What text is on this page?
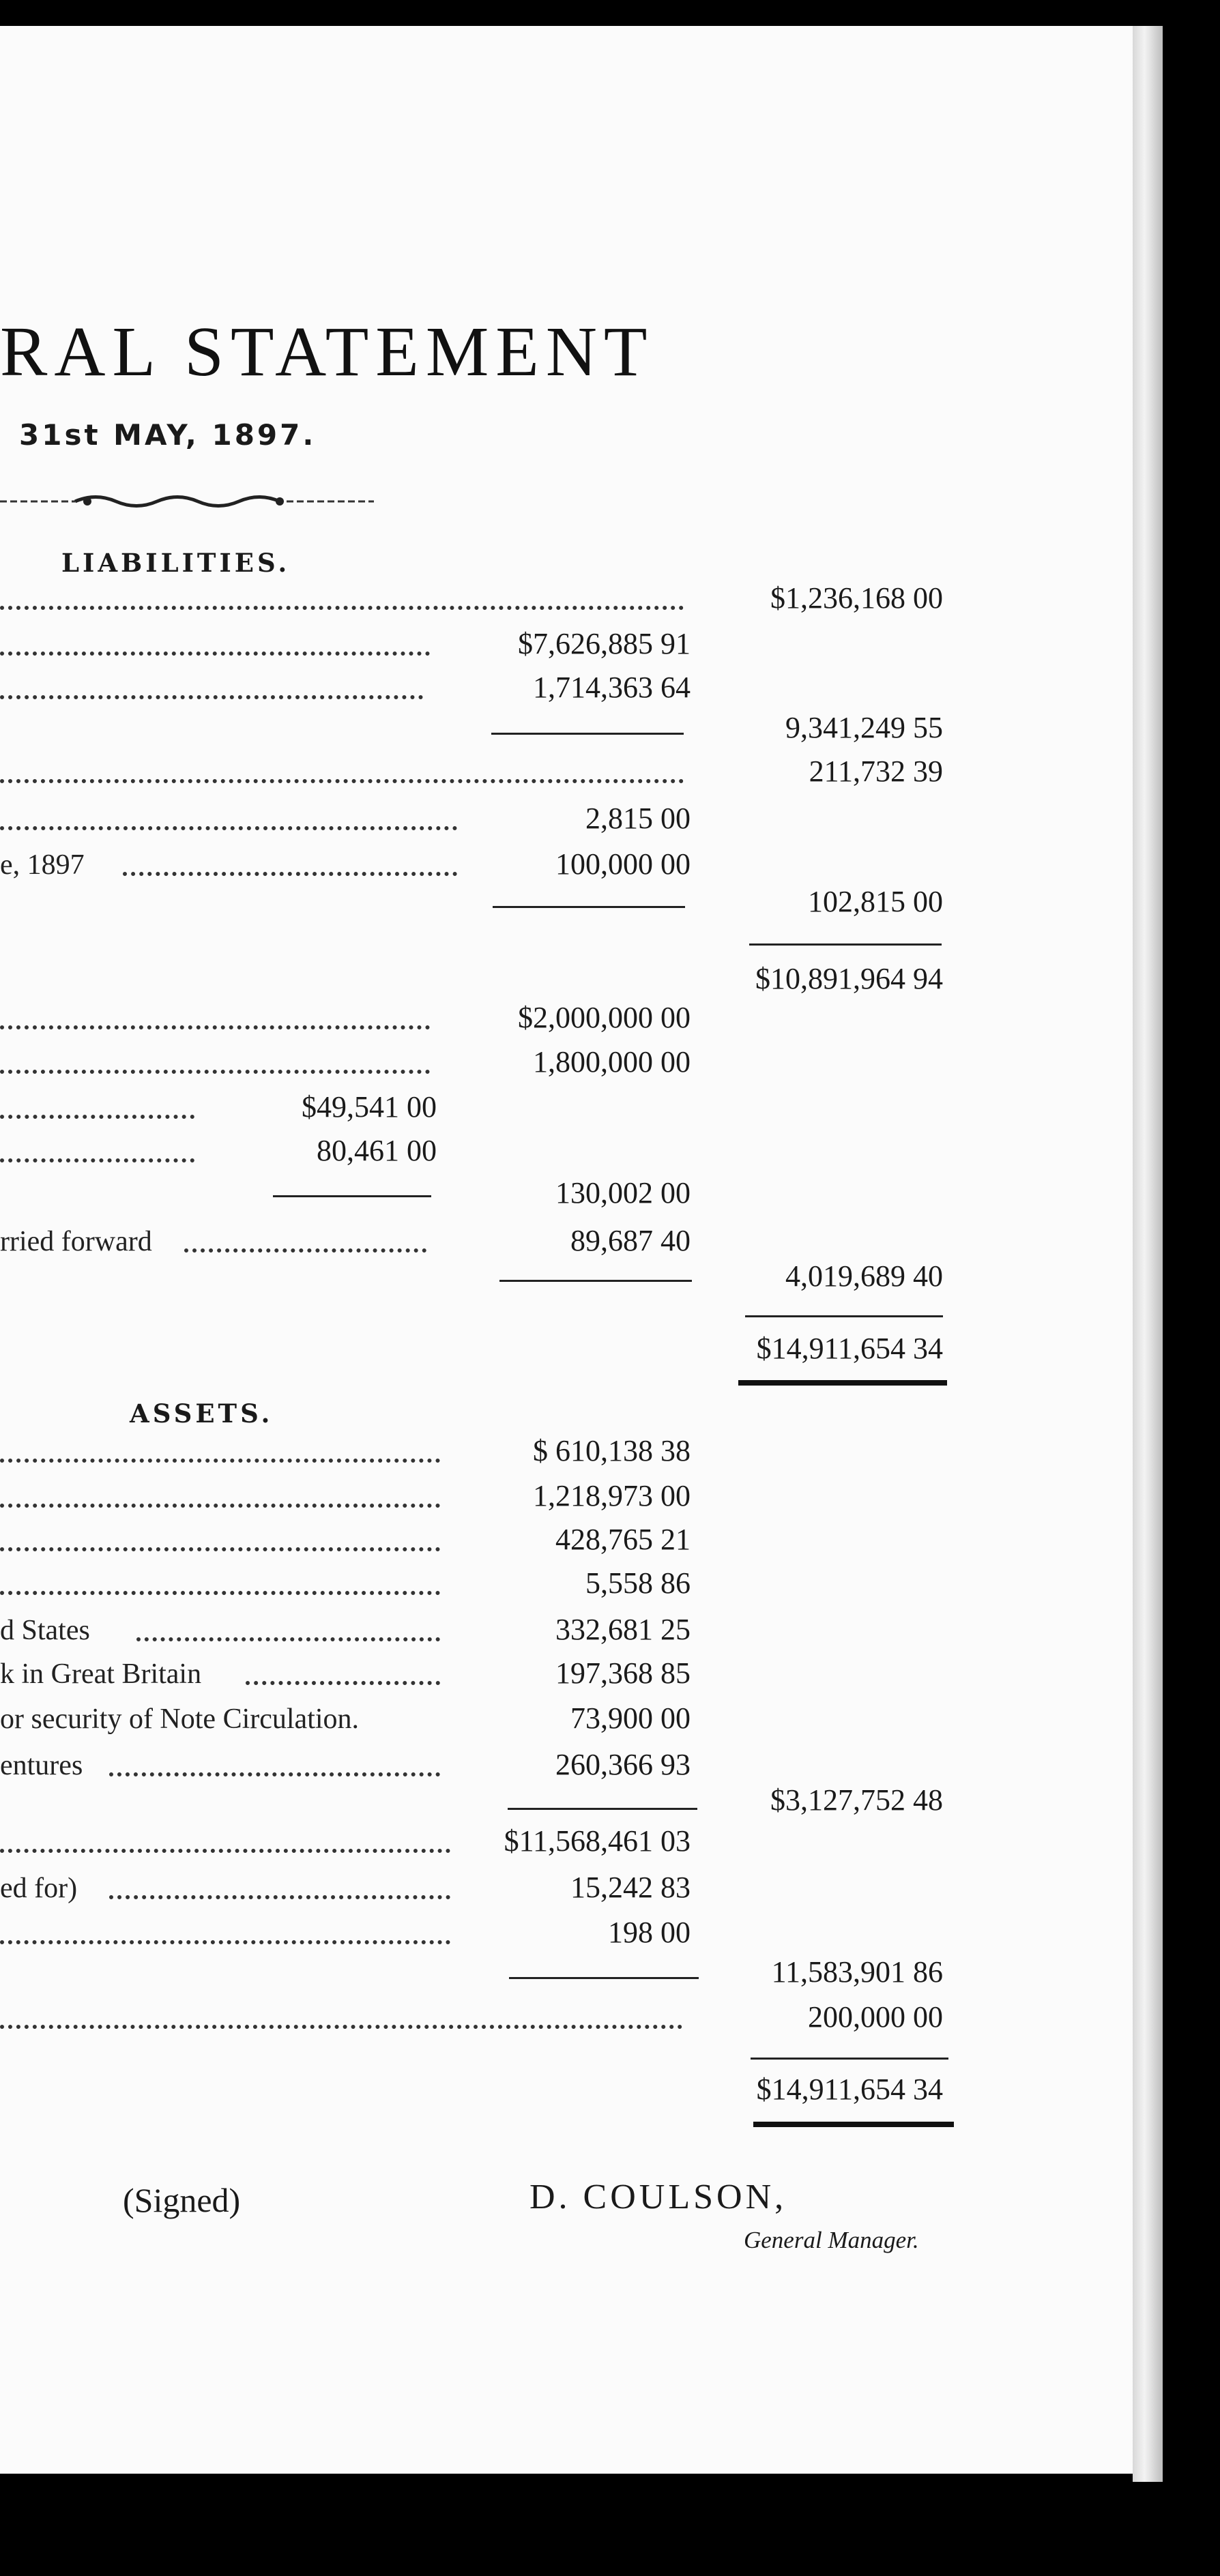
RAL STATEMENT
31st MAY, 1897.
LIABILITIES.
$1,236,168 00
$7,626,885 91
1,714,363 64
9,341,249 55
211,732 39
2,815 00
e, 1897	100,000 00
102,815 00
$10,891,964 94
$2,000,000 00
1,800,000 00
$49,541 00
80,461 00
130,002 00
rried forward	89,687 40
4,019,689 40
$14,911,654 34
ASSETS.
$ 610,138 38
1,218,973 00
428,765 21
5,558 86
d States	332,681 25
k in Great Britain	197,368 85
or security of Note Circulation.	73,900 00
entures	260,366 93
$3,127,752 48
$11,568,461 03
ed for)	15,242 83
198 00
11,583,901 86
200,000 00
$14,911,654 34
(Signed)	D. COULSON,
General Manager.
